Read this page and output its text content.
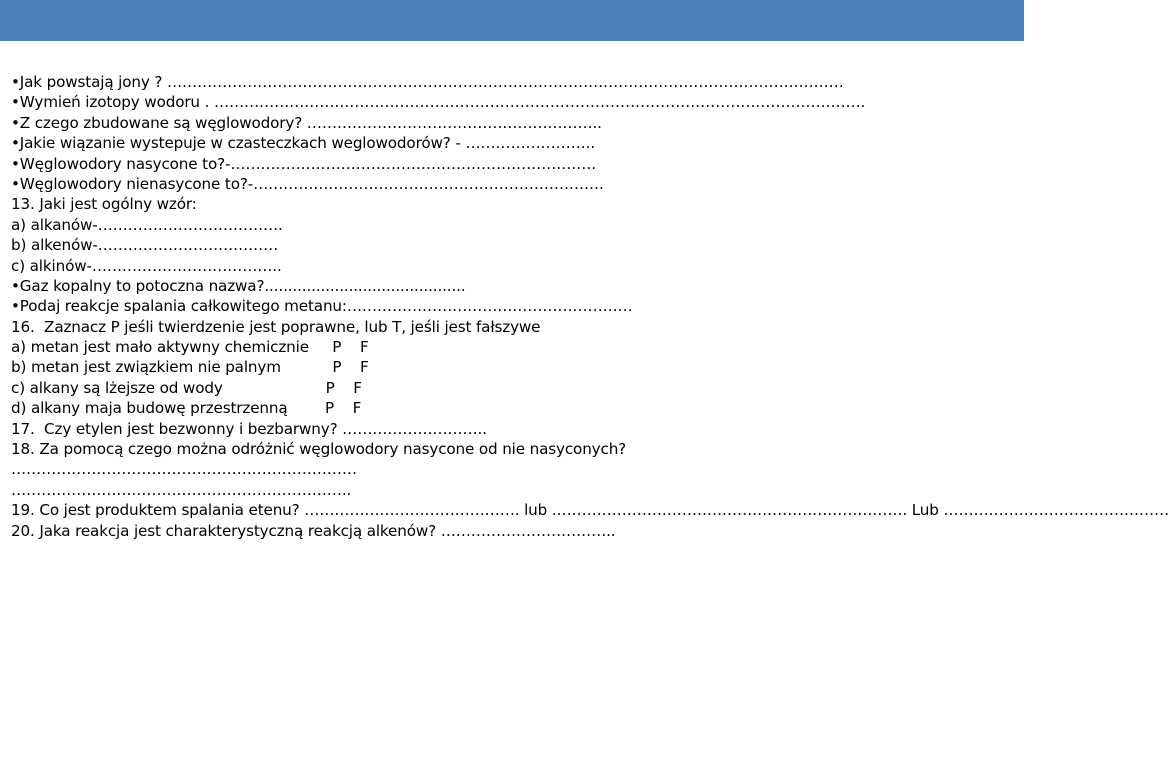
•Jak powstają jony ? ………………………………………………………………………………………………………………………
•Wymień izotopy wodoru . ………………………………………………………………………………………………………………….
•Z czego zbudowane są węglowodory? …………………………………………………..
•Jakie wiązanie wystepuje w czasteczkach weglowodorów? - ……………………..
•Węglowodory nasycone to?-……………………………………………………………….
•Węglowodory nienasycone to?-…………………………………………………………….
13. Jaki jest ogólny wzór:
a) alkanów-……………………………….
b) alkenów-………………………………
c) alkinów-………………………………..
•Gaz kopalny to potoczna nazwa?...........................................
•Podaj reakcje spalania całkowitego metanu:…………………………………………………
16.  Zaznacz P jeśli twierdzenie jest poprawne, lub T, jeśli jest fałszywe
a) metan jest mało aktywny chemicznie     P    F
b) metan jest związkiem nie palnym           P    F
c) alkany są lżejsze od wody                      P    F
d) alkany maja budowę przestrzenną        P    F
17.  Czy etylen jest bezwonny i bezbarwny? ………………………..
18. Za pomocą czego można odróżnić węglowodory nasycone od nie nasyconych?
……………………………………………………………
…………………………………………………………..
19. Co jest produktem spalania etenu? ……………………………………. lub .……………………………………………………………. Lub ………………………………………
20. Jaka reakcja jest charakterystyczną reakcją alkenów? ……………………………..
